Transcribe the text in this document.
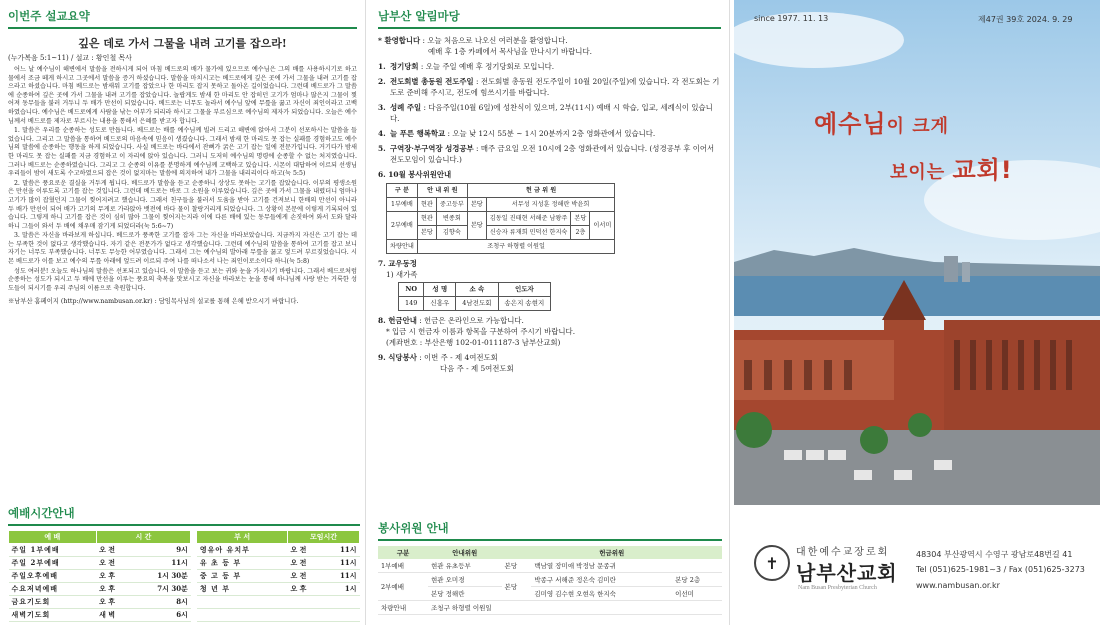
이번주 설교요약
깊은 데로 가서 그물을 내려 고기를 잡으라!
(누가복음 5:1~11) / 설교 : 황인철 목사

어느 날 예수님이 해변에서 말씀을 전하시게 되어 마침 베드로의 배가 물가에 있으므로 예수님은 그의 배를 사용하시기로 하고 물에서 조금 떼게 하시고 그곳에서 말씀을 증거 하셨습니다. 말씀을 마치시고는 베드로에게 깊은 곳에 가서 그물을 내려 고기를 잡으라고 하셨습니다. 마침 베드로는 밤새워 고기를 잡았으나 한 마리도 잡지 못하고 돌아온 길이었습니다. 그런데 베드로가 그 말씀에 순종하여 깊은 곳에 가서 그물을 내려 고기를 잡았습니다. 놀랍게도 밤새 한 마리도 안 잡히던 고기가 엄마나 많은지 그물이 찢어져 동무들을 불러 거두니 두 배가 만선이 되었습니다. 베드로는 너무도 놀라서 예수님 앞에 무릎을 꿇고 자신이 죄인이라고 고백하였습니다. 예수님은 베드로에게 사람을 낚는 어부가 되리라 하시고 그물을 부르심으로 예수님의 제자가 되었습니다. 오늘은 예수님께서 베드로를 제자로 부르시는 내용을 통해서 은혜를 받고자 합니다.

1. 말씀은 우리를 순종하는 성도로 만듭니다. 베드로는 배를 예수님께 빌려 드리고 해변에 앉아서 그분이 선포하시는 말씀을 들었습니다. 그리고 그 말씀을 통하여 베드로의 마음속에 믿음이 생겼습니다. 그래서 밤새 한 마리도 못 잡는 실패를 경험하고도 예수님의 말씀에 순종하는 행동을 하게 되었습니다. 사실 베드로는 바다에서 잔뼈가 굵은 고기 잡는 일에 전문가입니다. 거기다가 밤새 한 마리도 못 잡는 실패를 지금 경험하고 이 자리에 앉아 있습니다. 그러니 도저히 예수님의 명령에 순종할 수 없는 처지였습니다. 그러나 베드로는 순종하였습니다. 그리고 그 순종의 이유를 분명하게 예수님께 고백하고 있습니다. 시몬이 대답하여 이르되 선생님 우리들이 밤이 새도록 수고하였으되 잡은 것이 없지마는 말씀에 의지하여 내가 그물을 내리리이다 하고(눅 5:5)

2. 말씀은 풍요로운 결실을 거두게 됩니다. 베드로가 말씀을 듣고 순종하니 상상도 못하는 고기를 잡았습니다. 이부의 평생소원은 만선을 이루도록 고기를 잡는 것입니다. 그런데 베드로는 바로 그 소원을 이루었습니다. 깊은 곳에 가서 그물을 내렸더니 엄마나 고기가 많이 잡혔던지 그물이 찢어지려고 했습니다. 그래서 친구들을 불러서 도움을 받아 고기를 건져보니 한배의 만선이 아니라 두 배가 만선이 되어 배가 고기의 무게로 가라앉아 뱃전에 바다 물이 찰랑거리게 되었습니다. 그 상황이 본문에 이렇게 기록되어 있습니다. 그렇게 하니 고기를 잡은 것이 심히 많아 그물이 찢어지는지라 이에 다른 배에 있는 동무들에게 손짓하여 와서 도와 달라 하니 그들이 와서 두 배에 채우매 잠기게 되었더라(눅 5:6~7)

3. 말씀은 자신을 바라보게 하십니다. 베드로가 풍족한 고기를 잡자 그는 자신을 바라보았습니다. 지금까지 자신은 고기 잡는 데는 부족한 것이 없다고 생각했습니다. 자기 같은 전문가가 없다고 생각했습니다. 그런데 예수님의 말씀을 통하여 고기를 잡고 보니 자기는 너무도 부족했습니다. 너무도 무능한 어부였습니다. 그래서 그는 예수님의 발아래 무릎을 꿇고 엎드려 부르짖었습니다. 시몬 베드로가 이를 보고 예수의 무릎 아래에 엎드려 이르되 주여 나를 떠나소서 나는 죄인이로소이다 하니(눅 5:8)

성도 여러분! 오늘도 하나님의 말씀은 선포되고 있습니다. 이 말씀을 듣고 보는 귀와 눈을 가지시기 바랍니다. 그래서 베드로처럼 순종하는 성도가 되시고 두 배에 만선을 이루는 풍요의 축복을 맛보시고 자신을 바라보는 눈을 통해 하나님께 사랑 받는 거룩한 성도들이 되시기를 우리 주님의 이름으로 축원합니다.

※남부산 홈페이지 (http://www.nambusan.or.kr) : 담임목사님의 설교를 통해 은혜 받으시기 바랍니다.
예배시간안내
예 배	시 간			부 서	모임시간	
주일 1부예배	오 전	9시		영유아 유치부	오 전	11시
주일 2부예배	오 전	11시		유 초 등 부	오 전	11시
주일오후예배	오 후	1시 30분		중 고 등 부	오 전	11시
수요저녁예배	오 후	7시 30분		청 년 부	오 후	1시
금요기도회	오 후	8시				
새벽기도회	새 벽	6시				
남부산 알림마당
* 환영합니다 : 오늘 처음으로 나오신 여러분을 환영합니다.
예배 후 1층 카페에서 목사님을 만나시기 바랍니다.
1. 정기당회 : 오늘 주일 예배 후 정기당회로 모입니다.
2. 전도회별 총동원 전도주일 : 전도회별 총동원 전도주일이 10월 20일(주일)에 있습니다. 각 전도회는 기도로 준비해 주시고, 전도에 힘쓰시기를 바랍니다.
3. 성례 주일 : 다음주일(10월 6일)에 성찬식이 있으며, 2부(11시) 예배 시 학습, 입교, 세례식이 있습니다.
4. 늘 푸른 행복학교 : 오늘 낮 12시 55분 ~ 1시 20분까지 2층 영화관에서 있습니다.
5. 구역장·부구역장 성경공부 : 매주 금요일 오전 10시에 2층 영화관에서 있습니다. (성경공부 후 이어서 전도모임이 있습니다.)
6. 10월 봉사위원안내
구 분	안 내 위 원		헌 금 위 원			
1부예배	현관	중고등부	본당	서무성 지성훈 정해란 박윤희		
2부예배	현관	변종회	본당	김동일 진태현 서해준 남왕주	본당	이서미
	본당	김향숙		신승자 류재희 민덕선 한지숙	2층	
차량안내	조청구 하형렬 이원일					
7. 교우동정
1) 새가족
NO	성 명	소 속	인도자
149	신홍우	4남전도회	송은지 송현지
8. 헌금안내 : 헌금은 온라인으로 가능합니다.
* 입금 시 헌금자 이름과 항목을 구분하여 주시기 바랍니다.
(계좌번호 : 부산은행 102-01-011187-3 남부산교회)
9. 식당봉사 : 이번 주 - 제 4여전도회
다음 주 - 제 5여전도회
봉사위원 안내
구분	안내위원	헌금위원		
1부예배	현관 유초등부	본당	백남열 장미애 박정남 문종귀	
2부예배	현관 오미경	본당	박종구 서해준 정은숙 김미란	본당 2층
	본당 정해란		김미영 김수현 오현옥 한지숙	이선미
차량안내	조청구 하형렬 이원일			
since 1977. 11. 13	제47권 39호 2024. 9. 29
예수님이 크게
보이는 교회!
✝
대한예수교장로회
남부산교회
Nam Busan Presbyterian Church
48304 부산광역시 수영구 광남로48번길 41
Tel (051)625-1981~3 / Fax (051)625-3273
www.nambusan.or.kr
